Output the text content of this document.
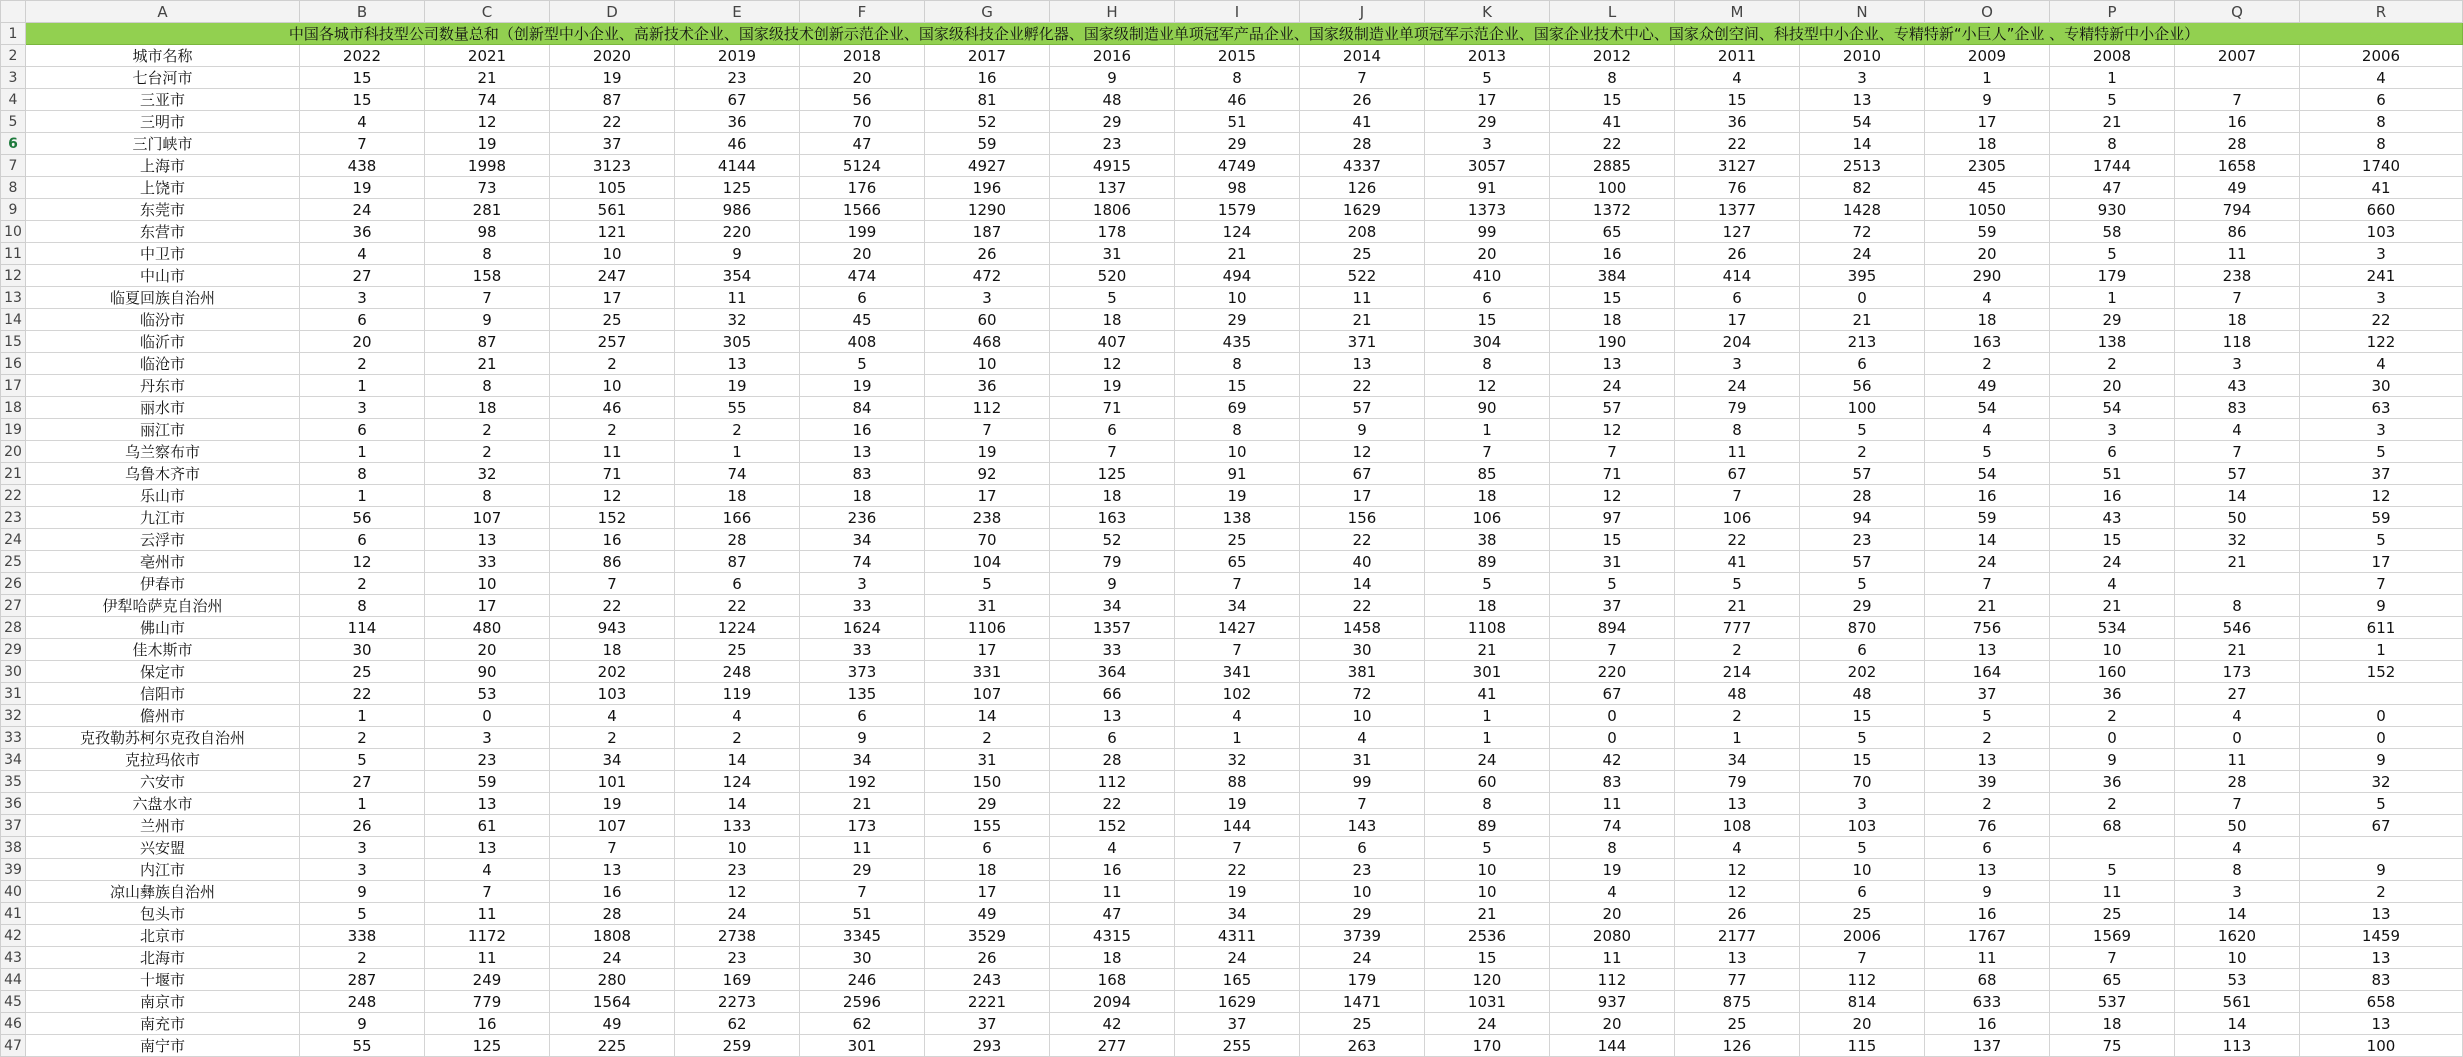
	A	B	C	D	E	F	G	H	I	J	K	L	M	N	O	P	Q	R
1	中国各城市科技型公司数量总和（创新型中小企业、高新技术企业、国家级技术创新示范企业、国家级科技企业孵化器、国家级制造业单项冠军产品企业、国家级制造业单项冠军示范企业、国家企业技术中心、国家众创空间、科技型中小企业、专精特新“小巨人”企业 、专精特新中小企业）																	
2	城市名称	2022	2021	2020	2019	2018	2017	2016	2015	2014	2013	2012	2011	2010	2009	2008	2007	2006
3	七台河市	15	21	19	23	20	16	9	8	7	5	8	4	3	1	1		4
4	三亚市	15	74	87	67	56	81	48	46	26	17	15	15	13	9	5	7	6
5	三明市	4	12	22	36	70	52	29	51	41	29	41	36	54	17	21	16	8
6	三门峡市	7	19	37	46	47	59	23	29	28	3	22	22	14	18	8	28	8
7	上海市	438	1998	3123	4144	5124	4927	4915	4749	4337	3057	2885	3127	2513	2305	1744	1658	1740
8	上饶市	19	73	105	125	176	196	137	98	126	91	100	76	82	45	47	49	41
9	东莞市	24	281	561	986	1566	1290	1806	1579	1629	1373	1372	1377	1428	1050	930	794	660
10	东营市	36	98	121	220	199	187	178	124	208	99	65	127	72	59	58	86	103
11	中卫市	4	8	10	9	20	26	31	21	25	20	16	26	24	20	5	11	3
12	中山市	27	158	247	354	474	472	520	494	522	410	384	414	395	290	179	238	241
13	临夏回族自治州	3	7	17	11	6	3	5	10	11	6	15	6	0	4	1	7	3
14	临汾市	6	9	25	32	45	60	18	29	21	15	18	17	21	18	29	18	22
15	临沂市	20	87	257	305	408	468	407	435	371	304	190	204	213	163	138	118	122
16	临沧市	2	21	2	13	5	10	12	8	13	8	13	3	6	2	2	3	4
17	丹东市	1	8	10	19	19	36	19	15	22	12	24	24	56	49	20	43	30
18	丽水市	3	18	46	55	84	112	71	69	57	90	57	79	100	54	54	83	63
19	丽江市	6	2	2	2	16	7	6	8	9	1	12	8	5	4	3	4	3
20	乌兰察布市	1	2	11	1	13	19	7	10	12	7	7	11	2	5	6	7	5
21	乌鲁木齐市	8	32	71	74	83	92	125	91	67	85	71	67	57	54	51	57	37
22	乐山市	1	8	12	18	18	17	18	19	17	18	12	7	28	16	16	14	12
23	九江市	56	107	152	166	236	238	163	138	156	106	97	106	94	59	43	50	59
24	云浮市	6	13	16	28	34	70	52	25	22	38	15	22	23	14	15	32	5
25	亳州市	12	33	86	87	74	104	79	65	40	89	31	41	57	24	24	21	17
26	伊春市	2	10	7	6	3	5	9	7	14	5	5	5	5	7	4		7
27	伊犁哈萨克自治州	8	17	22	22	33	31	34	34	22	18	37	21	29	21	21	8	9
28	佛山市	114	480	943	1224	1624	1106	1357	1427	1458	1108	894	777	870	756	534	546	611
29	佳木斯市	30	20	18	25	33	17	33	7	30	21	7	2	6	13	10	21	1
30	保定市	25	90	202	248	373	331	364	341	381	301	220	214	202	164	160	173	152
31	信阳市	22	53	103	119	135	107	66	102	72	41	67	48	48	37	36	27	
32	儋州市	1	0	4	4	6	14	13	4	10	1	0	2	15	5	2	4	0
33	克孜勒苏柯尔克孜自治州	2	3	2	2	9	2	6	1	4	1	0	1	5	2	0	0	0
34	克拉玛依市	5	23	34	14	34	31	28	32	31	24	42	34	15	13	9	11	9
35	六安市	27	59	101	124	192	150	112	88	99	60	83	79	70	39	36	28	32
36	六盘水市	1	13	19	14	21	29	22	19	7	8	11	13	3	2	2	7	5
37	兰州市	26	61	107	133	173	155	152	144	143	89	74	108	103	76	68	50	67
38	兴安盟	3	13	7	10	11	6	4	7	6	5	8	4	5	6		4	
39	内江市	3	4	13	23	29	18	16	22	23	10	19	12	10	13	5	8	9
40	凉山彝族自治州	9	7	16	12	7	17	11	19	10	10	4	12	6	9	11	3	2
41	包头市	5	11	28	24	51	49	47	34	29	21	20	26	25	16	25	14	13
42	北京市	338	1172	1808	2738	3345	3529	4315	4311	3739	2536	2080	2177	2006	1767	1569	1620	1459
43	北海市	2	11	24	23	30	26	18	24	24	15	11	13	7	11	7	10	13
44	十堰市	287	249	280	169	246	243	168	165	179	120	112	77	112	68	65	53	83
45	南京市	248	779	1564	2273	2596	2221	2094	1629	1471	1031	937	875	814	633	537	561	658
46	南充市	9	16	49	62	62	37	42	37	25	24	20	25	20	16	18	14	13
47	南宁市	55	125	225	259	301	293	277	255	263	170	144	126	115	137	75	113	100
